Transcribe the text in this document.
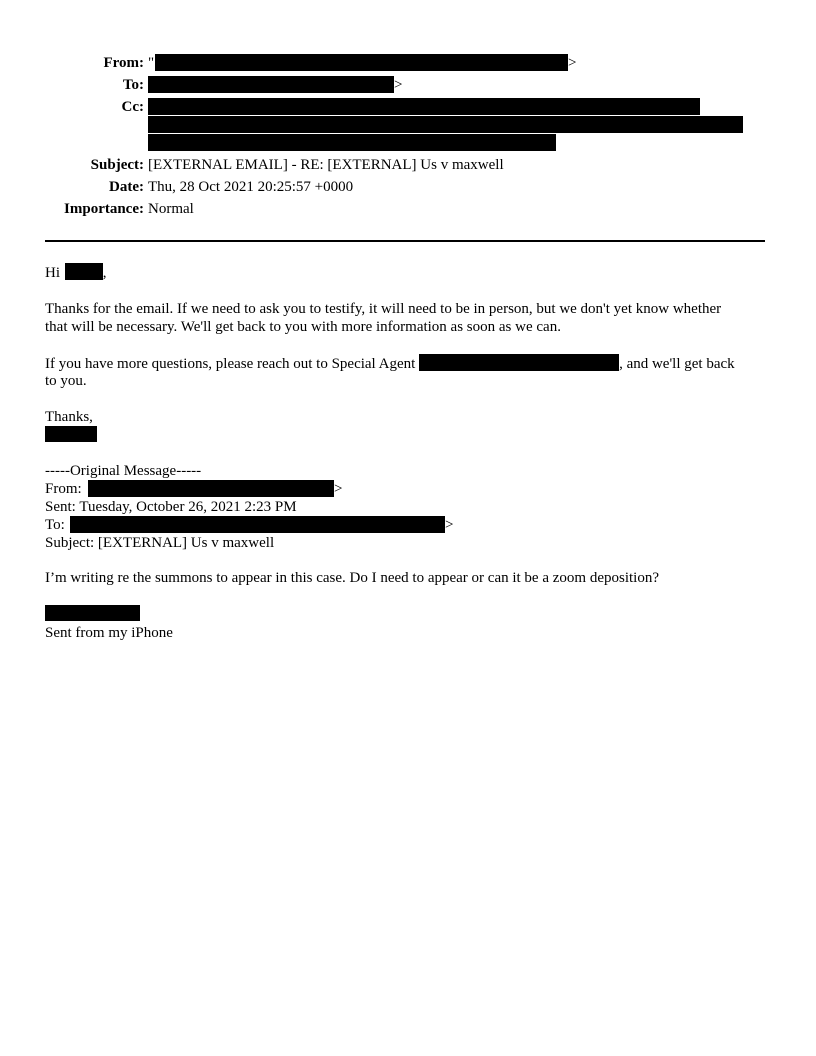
From: "	>
To:	>
Cc:
Subject: [EXTERNAL EMAIL] - RE: [EXTERNAL] Us v maxwell
Date: Thu, 28 Oct 2021 20:25:57 +0000
Importance: Normal
Hi	,
Thanks for the email. If we need to ask you to testify, it will need to be in person, but we don't yet know whether
that will be necessary. We'll get back to you with more information as soon as we can.
If you have more questions, please reach out to Special Agent	, and we'll get back
to you.
Thanks,
-----Original Message-----
From:	>
Sent: Tuesday, October 26, 2021 2:23 PM
To:	>
Subject: [EXTERNAL] Us v maxwell
I’m writing re the summons to appear in this case. Do I need to appear or can it be a zoom deposition?
Sent from my iPhone
